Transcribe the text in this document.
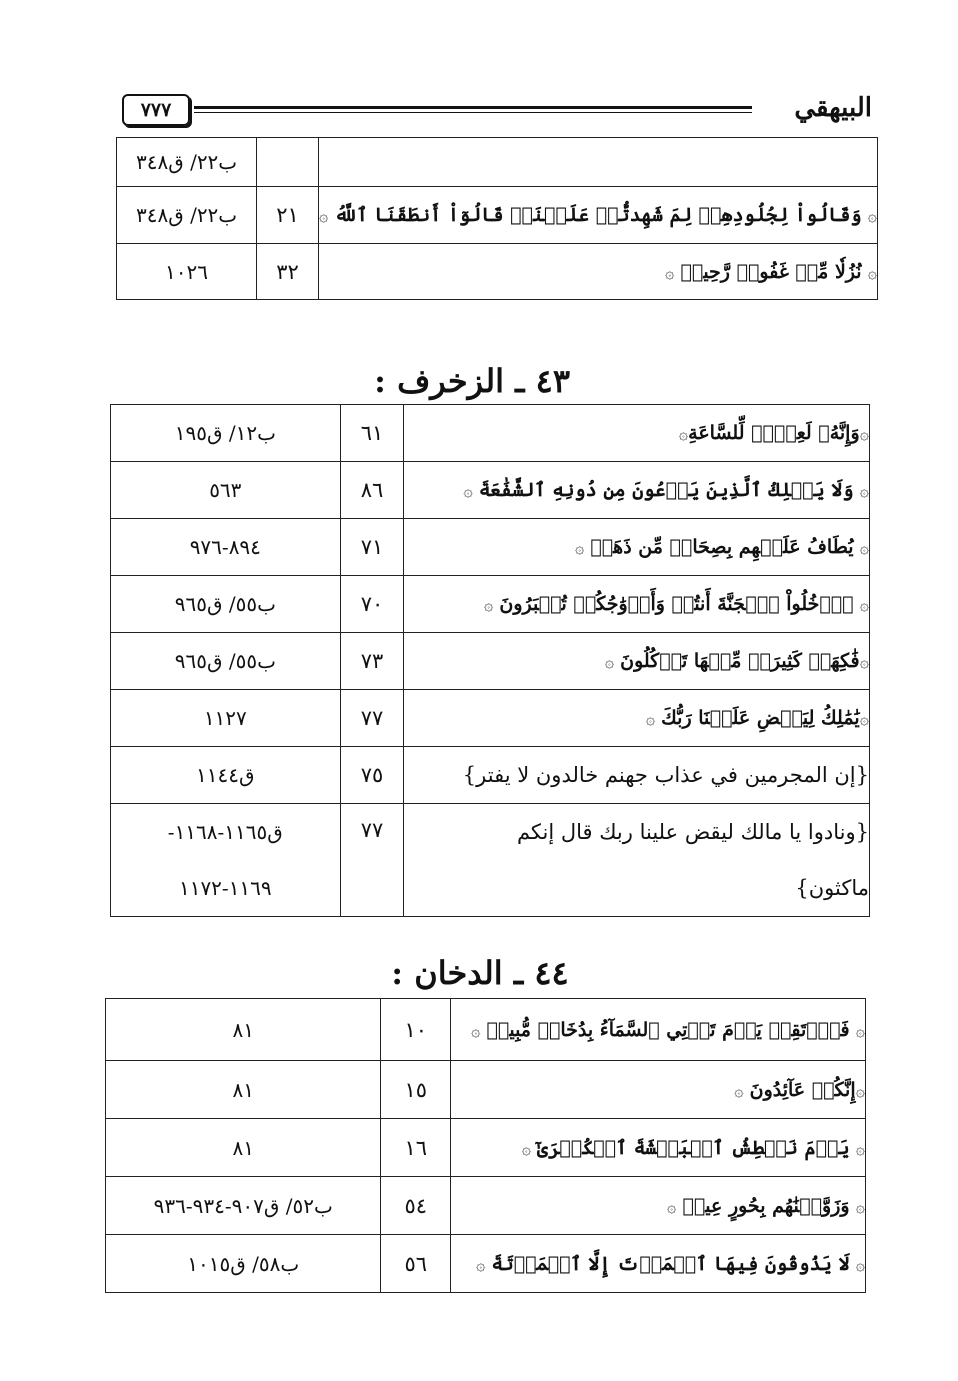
٧٧٧	البيهقي
		ب٢٢/ ق٣٤٨
۞ وَقَالُواْ لِجُلُودِهِمۡ لِمَ شَهِدتُّمۡ عَلَيۡنَاۖ قَالُوٓاْ أَنطَقَنَا ٱللَّهُ ۞	٢١	ب٢٢/ ق٣٤٨
۞ نُزُلٗا مِّنۡ غَفُورٖ رَّحِيمٖ ۞	٣٢	١٠٢٦
٤٣ ـ الزخرف :
۞وَإِنَّهُۥ لَعِلۡمٞ لِّلسَّاعَةِ۞	٦١	ب١٢/ ق١٩٥
۞ وَلَا يَمۡلِكُ ٱلَّذِينَ يَدۡعُونَ مِن دُونِهِ ٱلشَّفَٰعَةَ ۞	٨٦	٥٦٣
۞ يُطَافُ عَلَيۡهِم بِصِحَافٖ مِّن ذَهَبٖ ۞	٧١	٨٩٤-٩٧٦
۞ ٱدۡخُلُواْ ٱلۡجَنَّةَ أَنتُمۡ وَأَزۡوَٰجُكُمۡ تُحۡبَرُونَ ۞	٧٠	ب٥٥/ ق٩٦٥
۞فَٰكِهَةٞ كَثِيرَةٞ مِّنۡهَا تَأۡكُلُونَ ۞	٧٣	ب٥٥/ ق٩٦٥
۞يَٰمَٰلِكُ لِيَقۡضِ عَلَيۡنَا رَبُّكَ ۞	٧٧	١١٢٧
{إن المجرمين في عذاب جهنم خالدون لا يفتر}	٧٥	ق١١٤٤
{ونادوا يا مالك ليقض علينا ربك قال إنكم ماكثون}	٧٧	ق١١٦٥-١١٦٨- ١١٦٩-١١٧٢
٤٤ ـ الدخان :
۞ فَٱرۡتَقِبۡ يَوۡمَ تَأۡتِي ٱلسَّمَآءُ بِدُخَانٖ مُّبِينٖ ۞	١٠	٨١
۞إِنَّكُمۡ عَآئِدُونَ ۞	١٥	٨١
۞ يَوۡمَ نَبۡطِشُ ٱلۡبَطۡشَةَ ٱلۡكُبۡرَىٰٓ ۞	١٦	٨١
۞ وَزَوَّجۡنَٰهُم بِحُورٍ عِينٖ ۞	٥٤	ب٥٢/ ق٩٠٧-٩٣٤-٩٣٦
۞ لَا يَذُوقُونَ فِيهَا ٱلۡمَوۡتَ إِلَّا ٱلۡمَوۡتَةَ ۞	٥٦	ب٥٨/ ق١٠١٥
